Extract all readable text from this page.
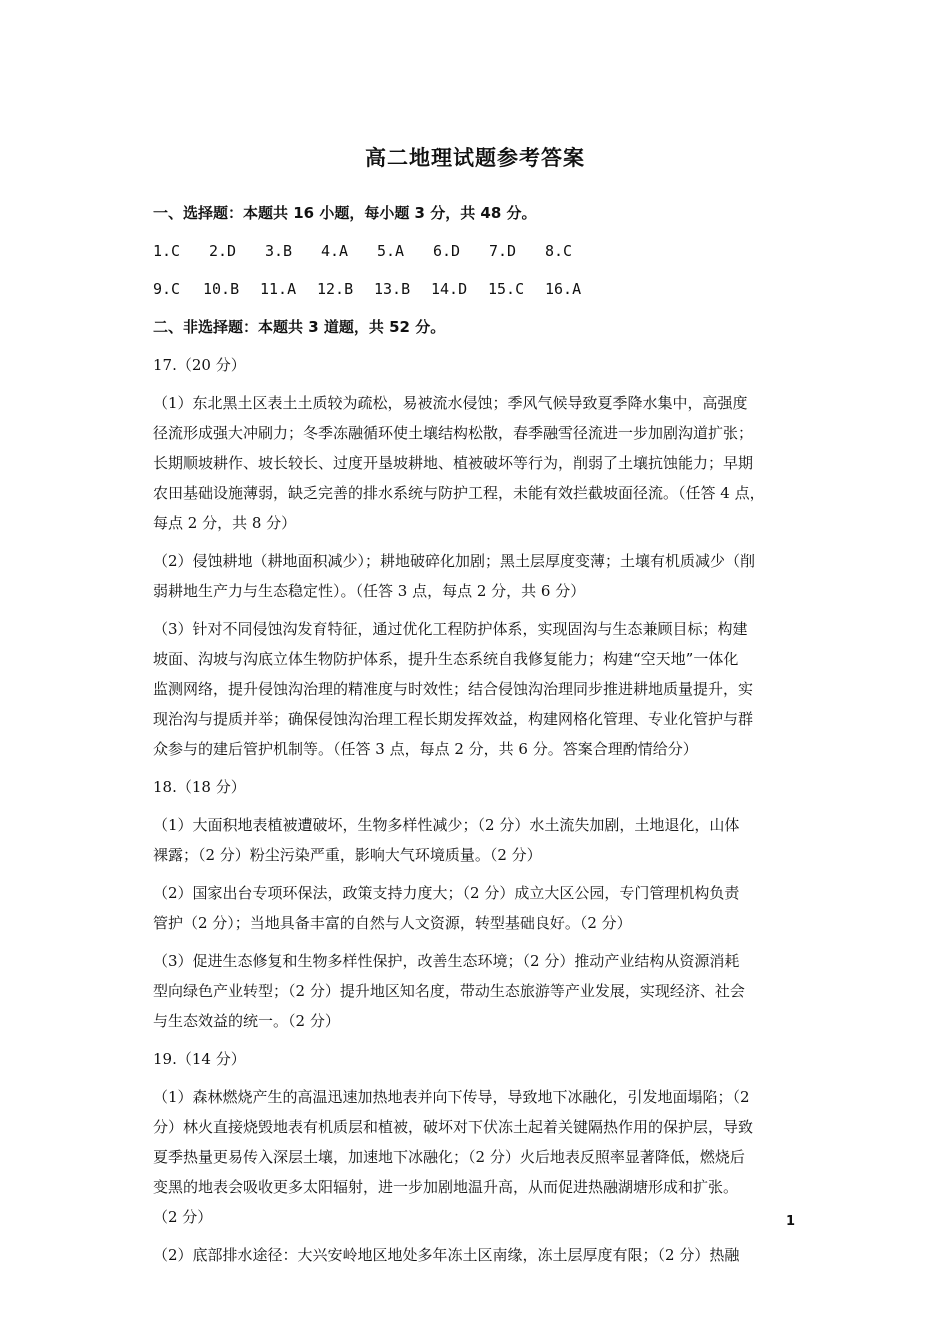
高二地理试题参考答案
一、选择题：本题共 16 小题，每小题 3 分，共 48 分。
1.C	2.D	3.B	4.A	5.A	6.D	7.D	8.C
9.C	10.B	11.A	12.B	13.B	14.D	15.C	16.A
二、非选择题：本题共 3 道题，共 52 分。
17.（20 分）
（1）东北黑土区表土土质较为疏松，易被流水侵蚀；季风气候导致夏季降水集中，高强度
径流形成强大冲刷力；冬季冻融循环使土壤结构松散，春季融雪径流进一步加剧沟道扩张；
长期顺坡耕作、坡长较长、过度开垦坡耕地、植被破坏等行为，削弱了土壤抗蚀能力；早期
农田基础设施薄弱，缺乏完善的排水系统与防护工程，未能有效拦截坡面径流。（任答 4 点，
每点 2 分，共 8 分）
（2）侵蚀耕地（耕地面积减少）；耕地破碎化加剧；黑土层厚度变薄；土壤有机质减少（削
弱耕地生产力与生态稳定性）。（任答 3 点，每点 2 分，共 6 分）
（3）针对不同侵蚀沟发育特征，通过优化工程防护体系，实现固沟与生态兼顾目标；构建
坡面、沟坡与沟底立体生物防护体系，提升生态系统自我修复能力；构建“空天地”一体化
监测网络，提升侵蚀沟治理的精准度与时效性；结合侵蚀沟治理同步推进耕地质量提升，实
现治沟与提质并举；确保侵蚀沟治理工程长期发挥效益，构建网格化管理、专业化管护与群
众参与的建后管护机制等。（任答 3 点，每点 2 分，共 6 分。答案合理酌情给分）
18.（18 分）
（1）大面积地表植被遭破坏，生物多样性减少；（2 分）水土流失加剧，土地退化，山体
裸露；（2 分）粉尘污染严重，影响大气环境质量。（2 分）
（2）国家出台专项环保法，政策支持力度大；（2 分）成立大区公园，专门管理机构负责
管护（2 分）；当地具备丰富的自然与人文资源，转型基础良好。（2 分）
（3）促进生态修复和生物多样性保护，改善生态环境；（2 分）推动产业结构从资源消耗
型向绿色产业转型；（2 分）提升地区知名度，带动生态旅游等产业发展，实现经济、社会
与生态效益的统一。（2 分）
19.（14 分）
（1）森林燃烧产生的高温迅速加热地表并向下传导，导致地下冰融化，引发地面塌陷；（2
分）林火直接烧毁地表有机质层和植被，破坏对下伏冻土起着关键隔热作用的保护层，导致
夏季热量更易传入深层土壤，加速地下冰融化；（2 分）火后地表反照率显著降低，燃烧后
变黑的地表会吸收更多太阳辐射，进一步加剧地温升高，从而促进热融湖塘形成和扩张。
（2 分）
（2）底部排水途径：大兴安岭地区地处多年冻土区南缘，冻土层厚度有限；（2 分）热融
1
